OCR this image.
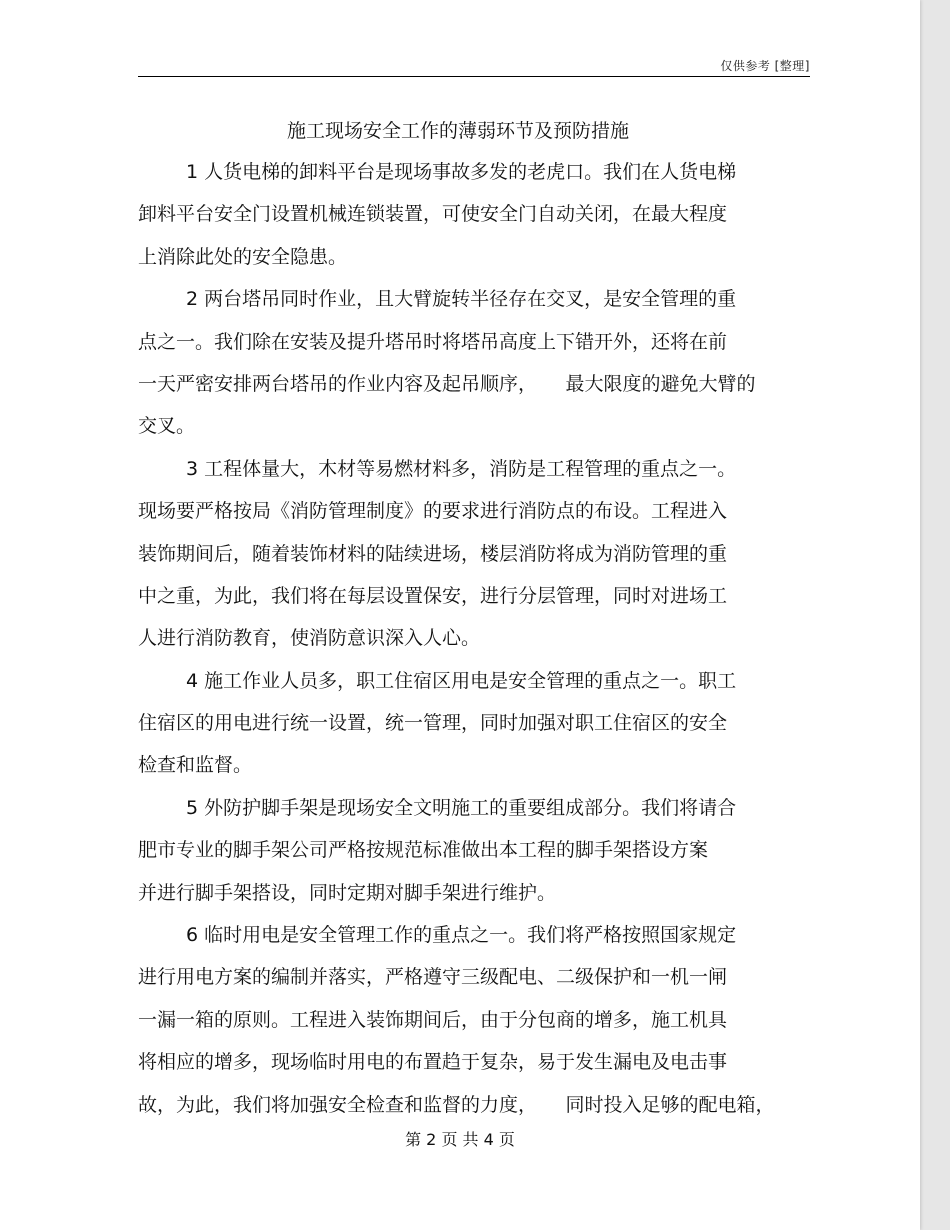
仅供参考 [整理]
施工现场安全工作的薄弱环节及预防措施
1 人货电梯的卸料平台是现场事故多发的老虎口。我们在人货电梯
卸料平台安全门设置机械连锁装置，可使安全门自动关闭，在最大程度
上消除此处的安全隐患。
2 两台塔吊同时作业，且大臂旋转半径存在交叉，是安全管理的重
点之一。我们除在安装及提升塔吊时将塔吊高度上下错开外，还将在前
一天严密安排两台塔吊的作业内容及起吊顺序，　　最大限度的避免大臂的
交叉。
3 工程体量大，木材等易燃材料多，消防是工程管理的重点之一。
现场要严格按局《消防管理制度》的要求进行消防点的布设。工程进入
装饰期间后，随着装饰材料的陆续进场，楼层消防将成为消防管理的重
中之重，为此，我们将在每层设置保安，进行分层管理，同时对进场工
人进行消防教育，使消防意识深入人心。
4 施工作业人员多，职工住宿区用电是安全管理的重点之一。职工
住宿区的用电进行统一设置，统一管理，同时加强对职工住宿区的安全
检查和监督。
5 外防护脚手架是现场安全文明施工的重要组成部分。我们将请合
肥市专业的脚手架公司严格按规范标准做出本工程的脚手架搭设方案
并进行脚手架搭设，同时定期对脚手架进行维护。
6 临时用电是安全管理工作的重点之一。我们将严格按照国家规定
进行用电方案的编制并落实，严格遵守三级配电、二级保护和一机一闸
一漏一箱的原则。工程进入装饰期间后，由于分包商的增多，施工机具
将相应的增多，现场临时用电的布置趋于复杂，易于发生漏电及电击事
故，为此，我们将加强安全检查和监督的力度，　　同时投入足够的配电箱，
第 2 页 共 4 页
